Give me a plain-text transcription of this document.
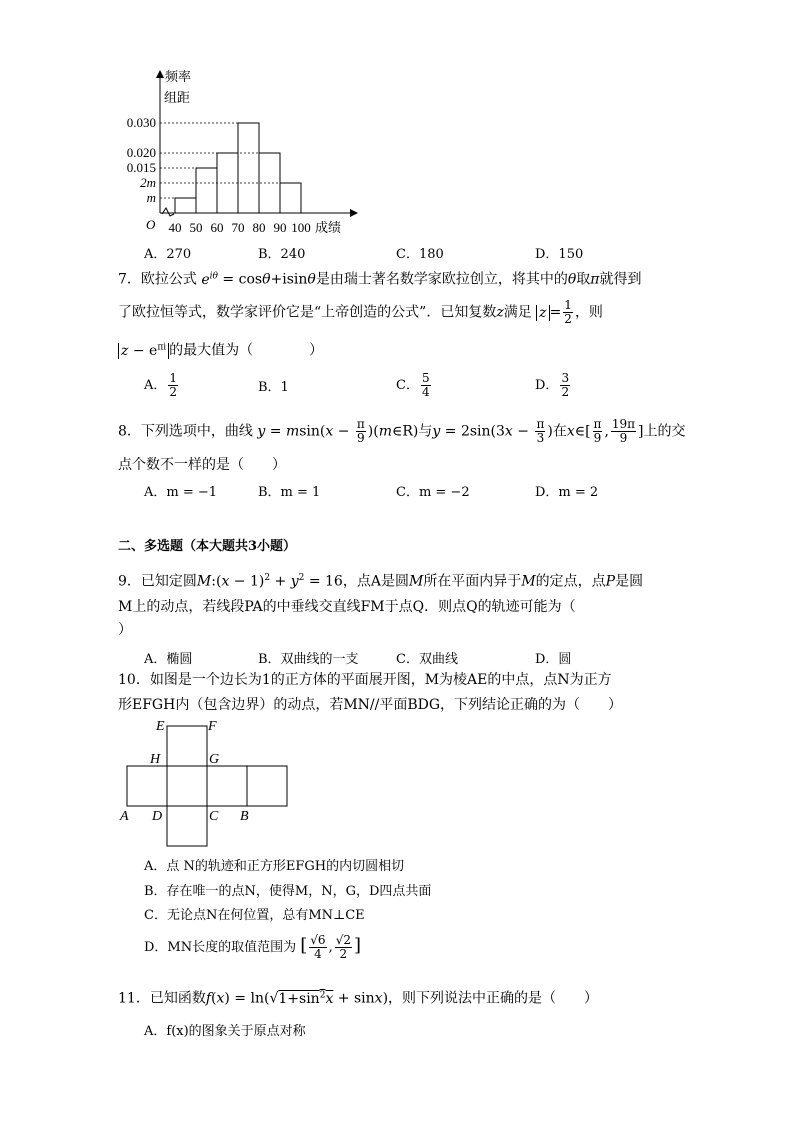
频率
组距
O	成绩
0.030
0.020
0.015
2m
m
40 50 60 70 80 90 100
A．270	B．240	C．180	D．150
7．欧拉公式 $e^{i\theta} = \cos\theta+isin\theta$是由瑞士著名数学家欧拉创立，将其中的θ取π就得到
了欧拉恒等式，数学家评价它是“上帝创造的公式”．已知复数z满足 $z = \frac{1}{2}$ ，则
$z - e^{\pi i}$ 的最大值为（　　　　）
A． $\frac{1}{2}$	B．1	C． $\frac{5}{4}$	D． $\frac{3}{2}$
8．下列选项中，曲线 $y = msin(x - \frac{\pi}{9}$ )(m∈R)与$y = 2\sin(3x - \frac{\pi}{3}$ )在x∈[ $\frac{\pi}{9}$ , $\frac{19\pi}{9}$ ]上的交
点个数不一样的是（　　）
A．m = −1	B．m = 1	C．m = −2	D．m = 2
二、多选题（本大题共3小题）
9．已知定圆M:(x − $1)^2 + y^2 = 16$，点A是圆M所在平面内异于M的定点，点P是圆
M上的动点，若线段PA的中垂线交直线FM于点Q．则点Q的轨迹可能为（
）
A．椭圆	B．双曲线的一支	C．双曲线	D．圆
10．如图是一个边长为1的正方体的平面展开图，M为棱AE的中点，点N为正方
形EFGH内（包含边界）的动点，若MN//平面BDG，下列结论正确的为（　　）
E	F
H	G
A D	C B
A．点 N的轨迹和正方形EFGH的内切圆相切
B．存在唯一的点N，使得M，N，G，D四点共面
C．无论点N在何位置，总有MN⊥CE
D．MN长度的取值范围为 [ $\frac{√6}{4}$ , $\frac{√2}{2}$ ]
11．已知函数$f(x) = \ln(√1+\sin^2x + \sin x)$，则下列说法中正确的是（　　）
A．f(x)的图象关于原点对称
